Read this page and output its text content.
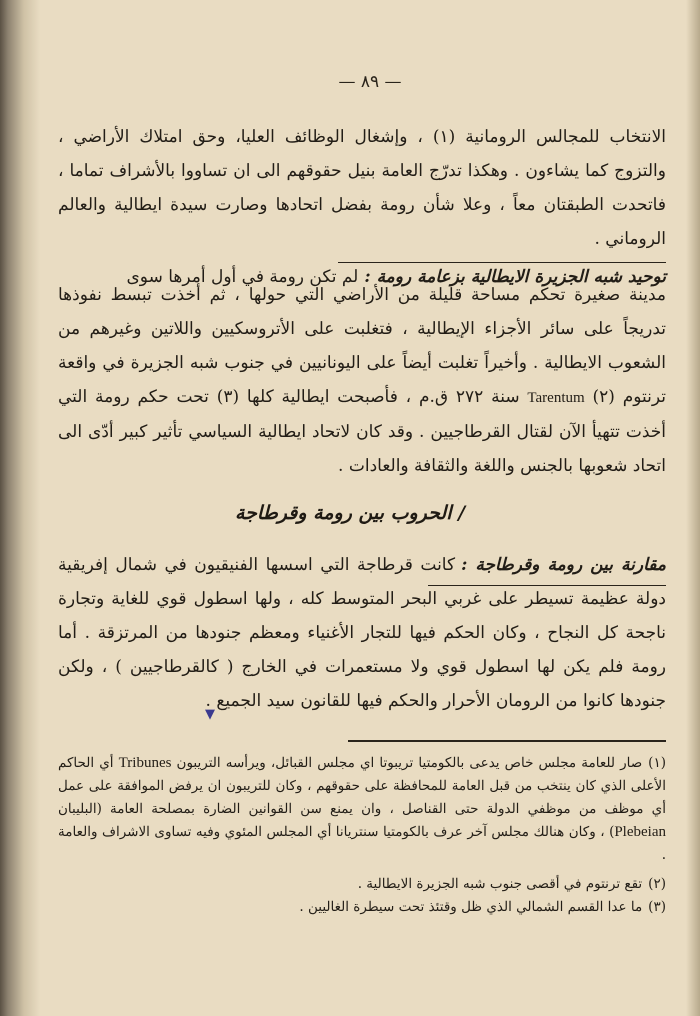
— ٨٩ —

الانتخاب للمجالس الرومانية (١) ، وإشغال الوظائف العليا، وحق امتلاك الأراضي ، والتزوج كما يشاءون . وهكذا تدرّج العامة بنيل حقوقهم الى ان تساووا بالأشراف تماما ، فاتحدت الطبقتان معاً ، وعلا شأن رومة بفضل اتحادها وصارت سيدة ايطالية والعالم الروماني .

توحيد شبه الجزيرة الايطالية بزعامة رومة :لم تكن رومة في أول أمرها سوى

مدينة صغيرة تحكم مساحة قليلة من الأراضي التي حولها ، ثم أخذت تبسط نفوذها تدريجاً على سائر الأجزاء الإيطالية ، فتغلبت على الأتروسكيين واللاتين وغيرهم من الشعوب الايطالية . وأخيراً تغلبت أيضاً على اليونانيين في جنوب شبه الجزيرة في واقعة ترنتوم (٢) Tarentum سنة ٢٧٢ ق.م ، فأصبحت ايطالية كلها (٣) تحت حكم رومة التي أخذت تتهيأ الآن لقتال القرطاجيين . وقد كان لاتحاد ايطالية السياسي تأثير كبير أدّى الى اتحاد شعوبها بالجنس واللغة والثقافة والعادات .

/ الحروب بين رومة وقرطاجة
▼

مقارنة بين رومة وقرطاجة :كانت قرطاجة التي اسسها الفنيقيون في شمال إفريقية دولة عظيمة تسيطر على غربي البحر المتوسط كله ، ولها اسطول قوي للغاية وتجارة ناجحة كل النجاح ، وكان الحكم فيها للتجار الأغنياء ومعظم جنودها من المرتزقة . أما رومة فلم يكن لها اسطول قوي ولا مستعمرات في الخارج ( كالقرطاجيين ) ، ولكن جنودها كانوا من الرومان الأحرار والحكم فيها للقانون سيد الجميع .

(١)صار للعامة مجلس خاص يدعى بالكومتيا تريبوتا اي مجلس القبائل، ويرأسه التريبون Tribunes أي الحاكم الأعلى الذي كان ينتخب من قبل العامة للمحافظة على حقوقهم ، وكان للتريبون ان يرفض الموافقة على عمل أي موظف من موظفي الدولة حتى القناصل ، وان يمنع سن القوانين الضارة بمصلحة العامة (البليبان Plebeian) ، وكان هنالك مجلس آخر عرف بالكومتيا سنتريانا أي المجلس المئوي وفيه تساوى الاشراف والعامة .

(٢)تقع ترنتوم في أقصى جنوب شبه الجزيرة الايطالية .

(٣)ما عدا القسم الشمالي الذي ظل وقتئذ تحت سيطرة الغاليين .
